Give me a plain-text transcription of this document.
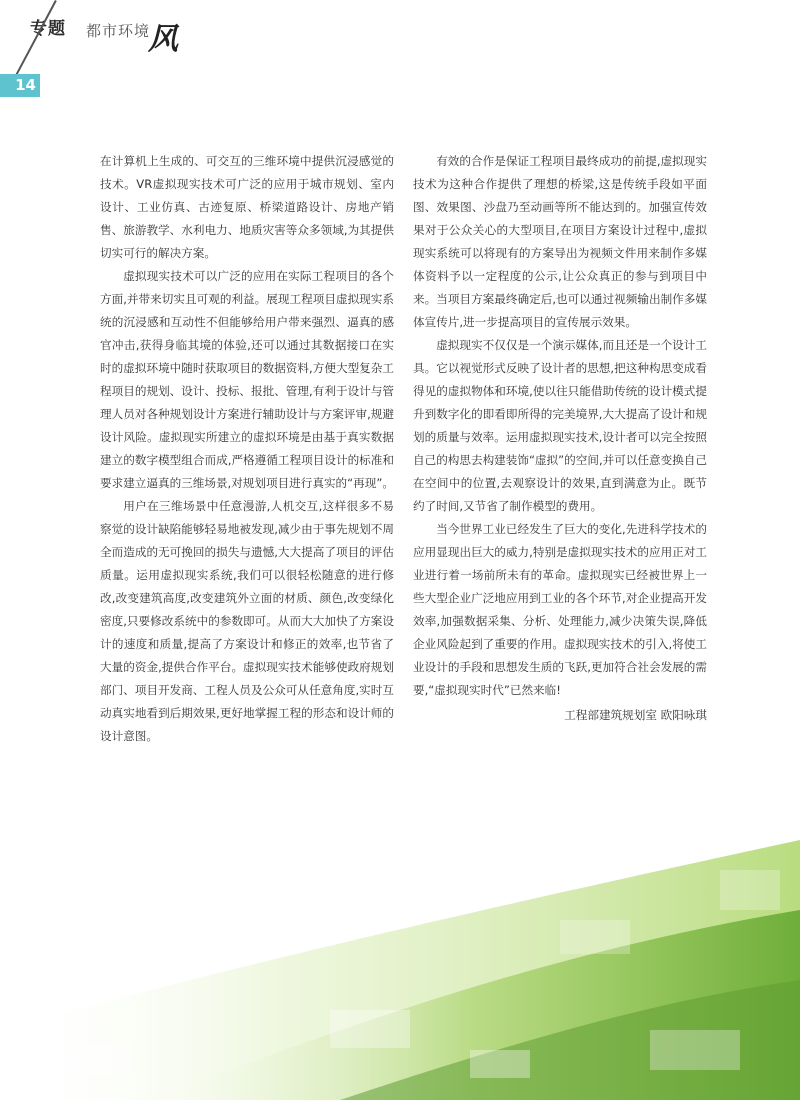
专题 都市环境
风
14

在计算机上生成的、可交互的三维环境中提供沉浸感觉的技术。VR虚拟现实技术可广泛的应用于城市规划、室内设计、工业仿真、古迹复原、桥梁道路设计、房地产销售、旅游教学、水利电力、地质灾害等众多领域,为其提供切实可行的解决方案。

虚拟现实技术可以广泛的应用在实际工程项目的各个方面,并带来切实且可观的利益。展现工程项目虚拟现实系统的沉浸感和互动性不但能够给用户带来强烈、逼真的感官冲击,获得身临其境的体验,还可以通过其数据接口在实时的虚拟环境中随时获取项目的数据资料,方便大型复杂工程项目的规划、设计、投标、报批、管理,有利于设计与管理人员对各种规划设计方案进行辅助设计与方案评审,规避设计风险。虚拟现实所建立的虚拟环境是由基于真实数据建立的数字模型组合而成,严格遵循工程项目设计的标准和要求建立逼真的三维场景,对规划项目进行真实的“再现”。

用户在三维场景中任意漫游,人机交互,这样很多不易察觉的设计缺陷能够轻易地被发现,减少由于事先规划不周全而造成的无可挽回的损失与遗憾,大大提高了项目的评估质量。运用虚拟现实系统,我们可以很轻松随意的进行修改,改变建筑高度,改变建筑外立面的材质、颜色,改变绿化密度,只要修改系统中的参数即可。从而大大加快了方案设计的速度和质量,提高了方案设计和修正的效率,也节省了大量的资金,提供合作平台。虚拟现实技术能够使政府规划部门、项目开发商、工程人员及公众可从任意角度,实时互动真实地看到后期效果,更好地掌握工程的形态和设计师的设计意图。

有效的合作是保证工程项目最终成功的前提,虚拟现实技术为这种合作提供了理想的桥梁,这是传统手段如平面图、效果图、沙盘乃至动画等所不能达到的。加强宣传效果对于公众关心的大型项目,在项目方案设计过程中,虚拟现实系统可以将现有的方案导出为视频文件用来制作多媒体资料予以一定程度的公示,让公众真正的参与到项目中来。当项目方案最终确定后,也可以通过视频输出制作多媒体宣传片,进一步提高项目的宣传展示效果。

虚拟现实不仅仅是一个演示媒体,而且还是一个设计工具。它以视觉形式反映了设计者的思想,把这种构思变成看得见的虚拟物体和环境,使以往只能借助传统的设计模式提升到数字化的即看即所得的完美境界,大大提高了设计和规划的质量与效率。运用虚拟现实技术,设计者可以完全按照自己的构思去构建装饰“虚拟”的空间,并可以任意变换自己在空间中的位置,去观察设计的效果,直到满意为止。既节约了时间,又节省了制作模型的费用。

当今世界工业已经发生了巨大的变化,先进科学技术的应用显现出巨大的威力,特别是虚拟现实技术的应用正对工业进行着一场前所未有的革命。虚拟现实已经被世界上一些大型企业广泛地应用到工业的各个环节,对企业提高开发效率,加强数据采集、分析、处理能力,减少决策失误,降低企业风险起到了重要的作用。虚拟现实技术的引入,将使工业设计的手段和思想发生质的飞跃,更加符合社会发展的需要,“虚拟现实时代”已然来临!

工程部建筑规划室 欧阳咏琪
